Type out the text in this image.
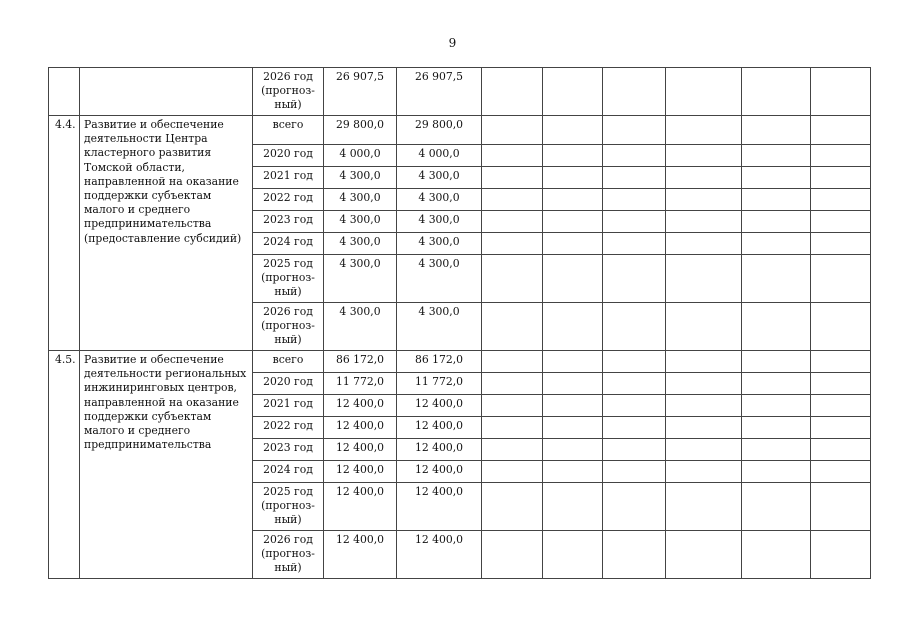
9
		2026 год (прогноз-ный)	26 907,5	26 907,5						
4.4.	Развитие и обеспечение деятельности Центра кластерного развития Томской области, направленной на оказание поддержки субъектам малого и среднего предпринимательства (предоставление субсидий)	всего	29 800,0	29 800,0						
		2020 год	4 000,0	4 000,0						
		2021 год	4 300,0	4 300,0						
		2022 год	4 300,0	4 300,0						
		2023 год	4 300,0	4 300,0						
		2024 год	4 300,0	4 300,0						
		2025 год (прогноз-ный)	4 300,0	4 300,0						
		2026 год (прогноз-ный)	4 300,0	4 300,0						
4.5.	Развитие и обеспечение деятельности региональных инжиниринговых центров, направленной на оказание поддержки субъектам малого и среднего предпринимательства	всего	86 172,0	86 172,0						
		2020 год	11 772,0	11 772,0						
		2021 год	12 400,0	12 400,0						
		2022 год	12 400,0	12 400,0						
		2023 год	12 400,0	12 400,0						
		2024 год	12 400,0	12 400,0						
		2025 год (прогноз-ный)	12 400,0	12 400,0						
		2026 год (прогноз-ный)	12 400,0	12 400,0						
